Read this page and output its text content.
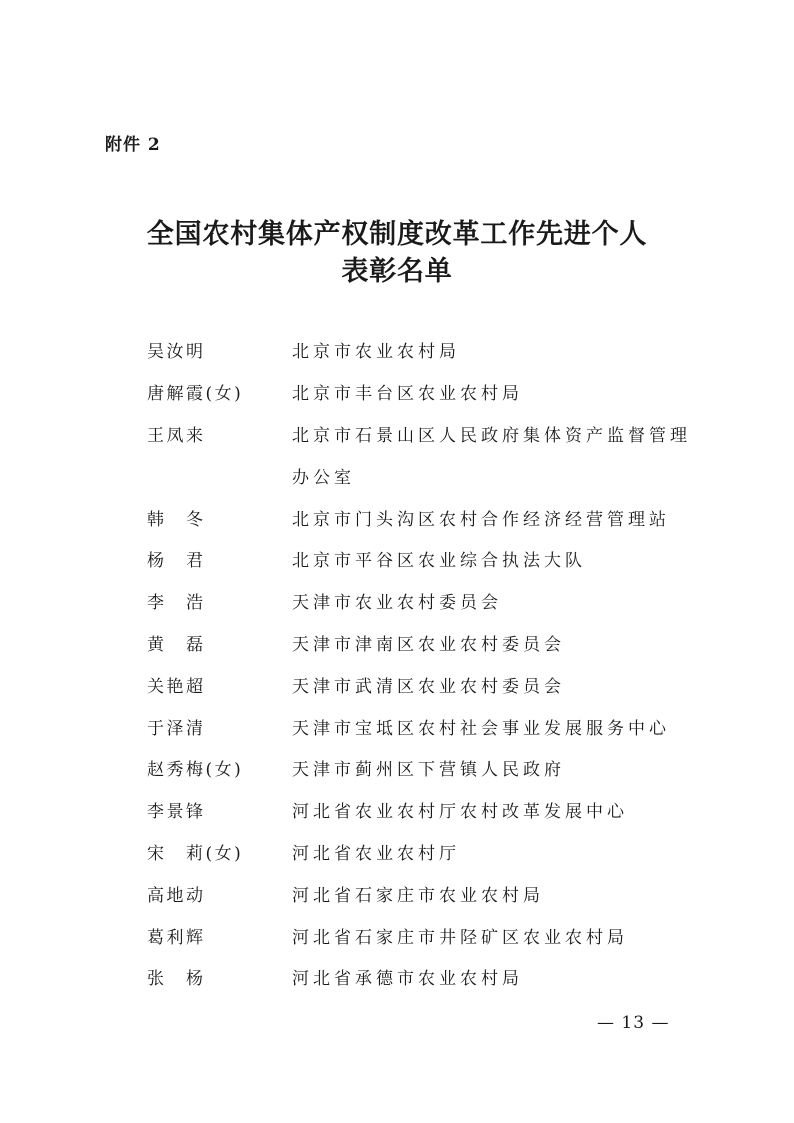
附件 2
全国农村集体产权制度改革工作先进个人
表彰名单
吴汝明	北京市农业农村局
唐解霞(女)	北京市丰台区农业农村局
王凤来	北京市石景山区人民政府集体资产监督管理
办公室
韩　冬	北京市门头沟区农村合作经济经营管理站
杨　君	北京市平谷区农业综合执法大队
李　浩	天津市农业农村委员会
黄　磊	天津市津南区农业农村委员会
关艳超	天津市武清区农业农村委员会
于泽清	天津市宝坻区农村社会事业发展服务中心
赵秀梅(女)	天津市蓟州区下营镇人民政府
李景锋	河北省农业农村厅农村改革发展中心
宋　莉(女)	河北省农业农村厅
高地动	河北省石家庄市农业农村局
葛利辉	河北省石家庄市井陉矿区农业农村局
张　杨	河北省承德市农业农村局
— 13 —
